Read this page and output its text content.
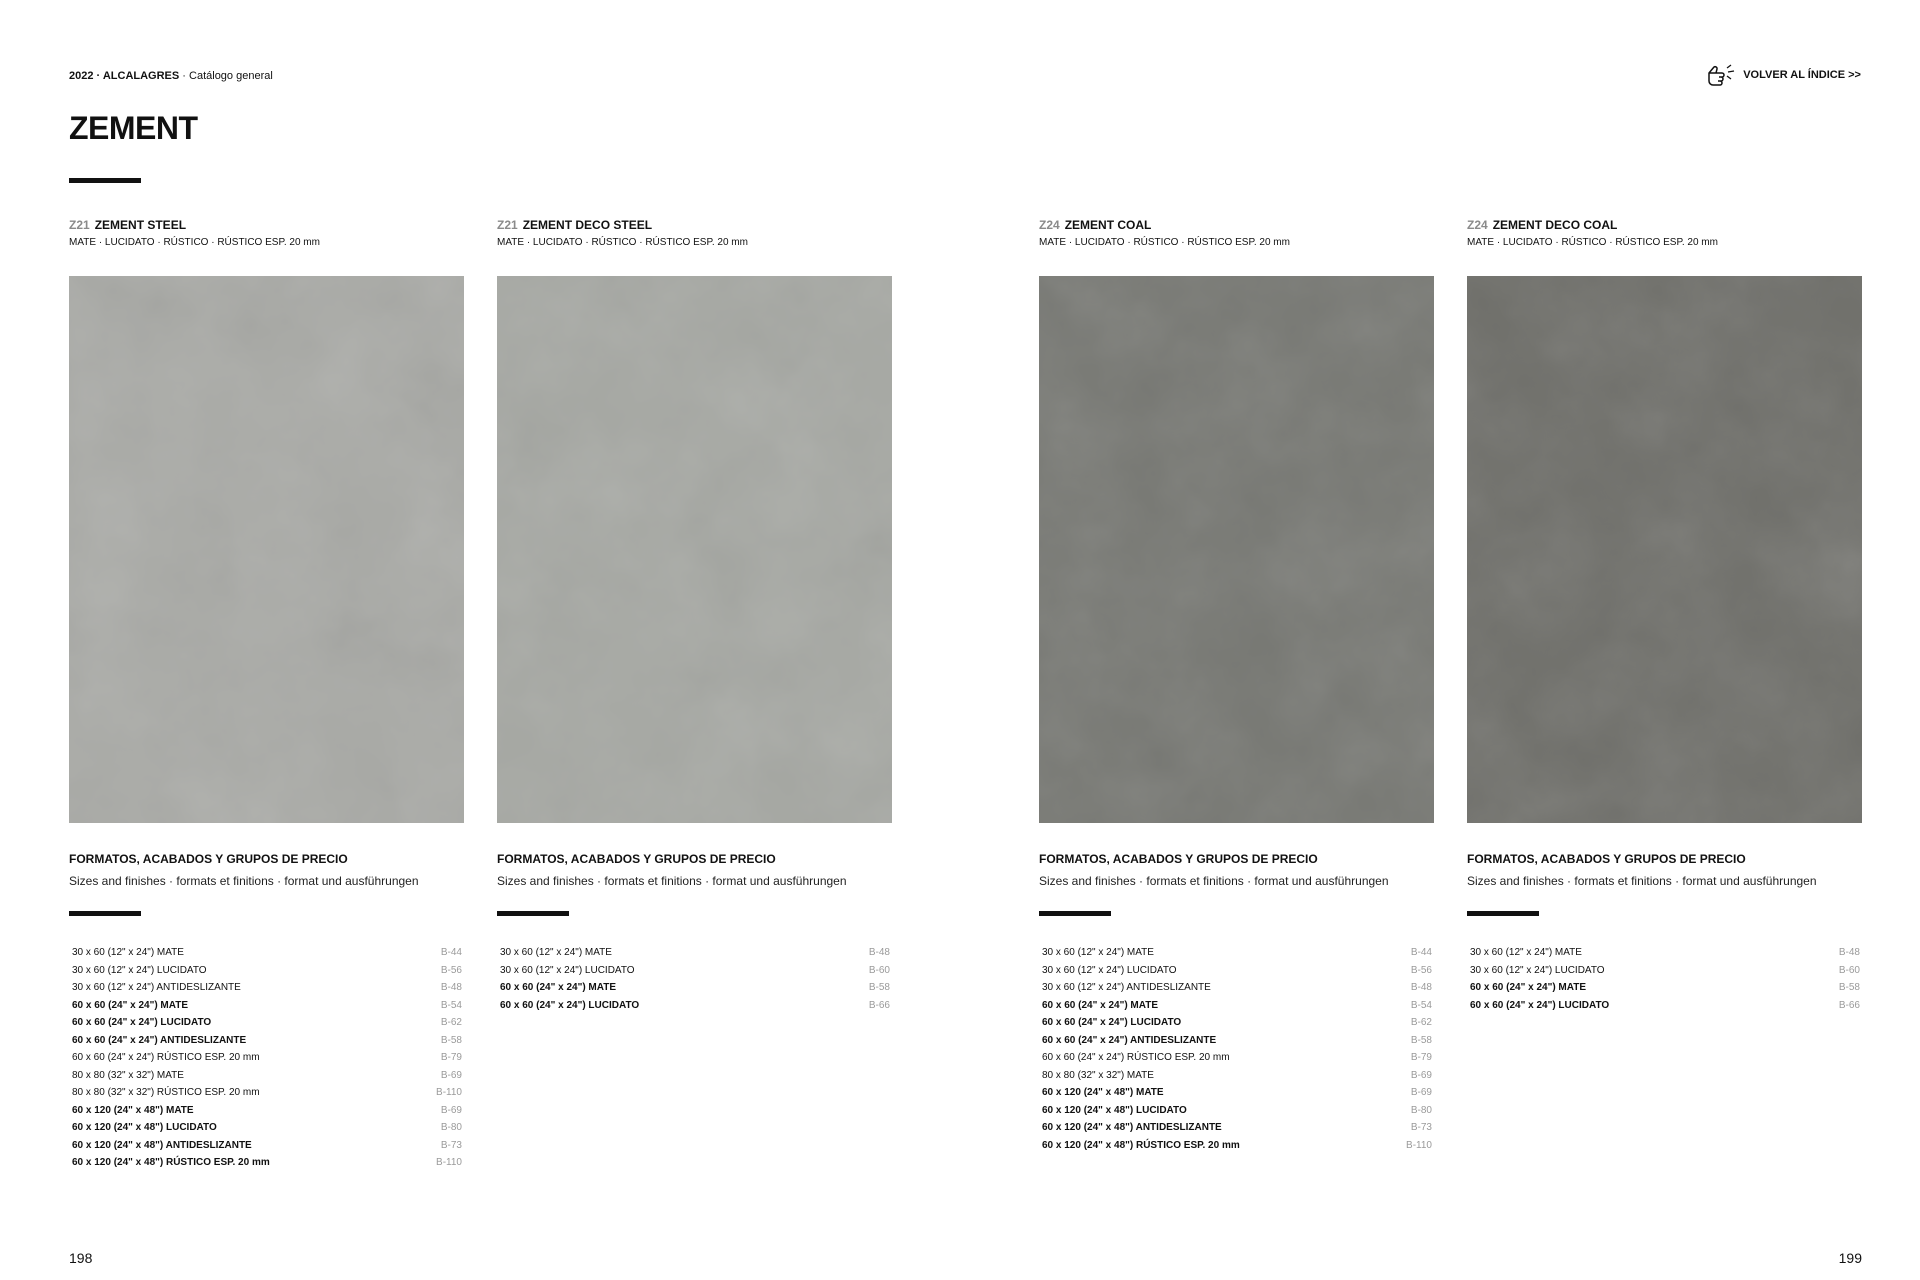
2022 · ALCALAGRES · Catálogo general	VOLVER AL ÍNDICE >>
ZEMENT
Z21 ZEMENT STEEL
MATE · LUCIDATO · RÚSTICO · RÚSTICO ESP. 20 mm
FORMATOS, ACABADOS Y GRUPOS DE PRECIO
Sizes and finishes · formats et finitions · format und ausführungen
30 x 60 (12" x 24") MATE	B-44
30 x 60 (12" x 24") LUCIDATO	B-56
30 x 60 (12" x 24") ANTIDESLIZANTE	B-48
60 x 60 (24" x 24") MATE	B-54
60 x 60 (24" x 24") LUCIDATO	B-62
60 x 60 (24" x 24") ANTIDESLIZANTE	B-58
60 x 60 (24" x 24") RÚSTICO ESP. 20 mm	B-79
80 x 80 (32" x 32") MATE	B-69
80 x 80 (32" x 32") RÚSTICO ESP. 20 mm	B-110
60 x 120 (24" x 48") MATE	B-69
60 x 120 (24" x 48") LUCIDATO	B-80
60 x 120 (24" x 48") ANTIDESLIZANTE	B-73
60 x 120 (24" x 48") RÚSTICO ESP. 20 mm	B-110
Z21 ZEMENT DECO STEEL
MATE · LUCIDATO · RÚSTICO · RÚSTICO ESP. 20 mm
FORMATOS, ACABADOS Y GRUPOS DE PRECIO
Sizes and finishes · formats et finitions · format und ausführungen
30 x 60 (12" x 24") MATE	B-48
30 x 60 (12" x 24") LUCIDATO	B-60
60 x 60 (24" x 24") MATE	B-58
60 x 60 (24" x 24") LUCIDATO	B-66
Z24 ZEMENT COAL
MATE · LUCIDATO · RÚSTICO · RÚSTICO ESP. 20 mm
FORMATOS, ACABADOS Y GRUPOS DE PRECIO
Sizes and finishes · formats et finitions · format und ausführungen
30 x 60 (12" x 24") MATE	B-44
30 x 60 (12" x 24") LUCIDATO	B-56
30 x 60 (12" x 24") ANTIDESLIZANTE	B-48
60 x 60 (24" x 24") MATE	B-54
60 x 60 (24" x 24") LUCIDATO	B-62
60 x 60 (24" x 24") ANTIDESLIZANTE	B-58
60 x 60 (24" x 24") RÚSTICO ESP. 20 mm	B-79
80 x 80 (32" x 32") MATE	B-69
60 x 120 (24" x 48") MATE	B-69
60 x 120 (24" x 48") LUCIDATO	B-80
60 x 120 (24" x 48") ANTIDESLIZANTE	B-73
60 x 120 (24" x 48") RÚSTICO ESP. 20 mm	B-110
Z24 ZEMENT DECO COAL
MATE · LUCIDATO · RÚSTICO · RÚSTICO ESP. 20 mm
FORMATOS, ACABADOS Y GRUPOS DE PRECIO
Sizes and finishes · formats et finitions · format und ausführungen
30 x 60 (12" x 24") MATE	B-48
30 x 60 (12" x 24") LUCIDATO	B-60
60 x 60 (24" x 24") MATE	B-58
60 x 60 (24" x 24") LUCIDATO	B-66
198	199
